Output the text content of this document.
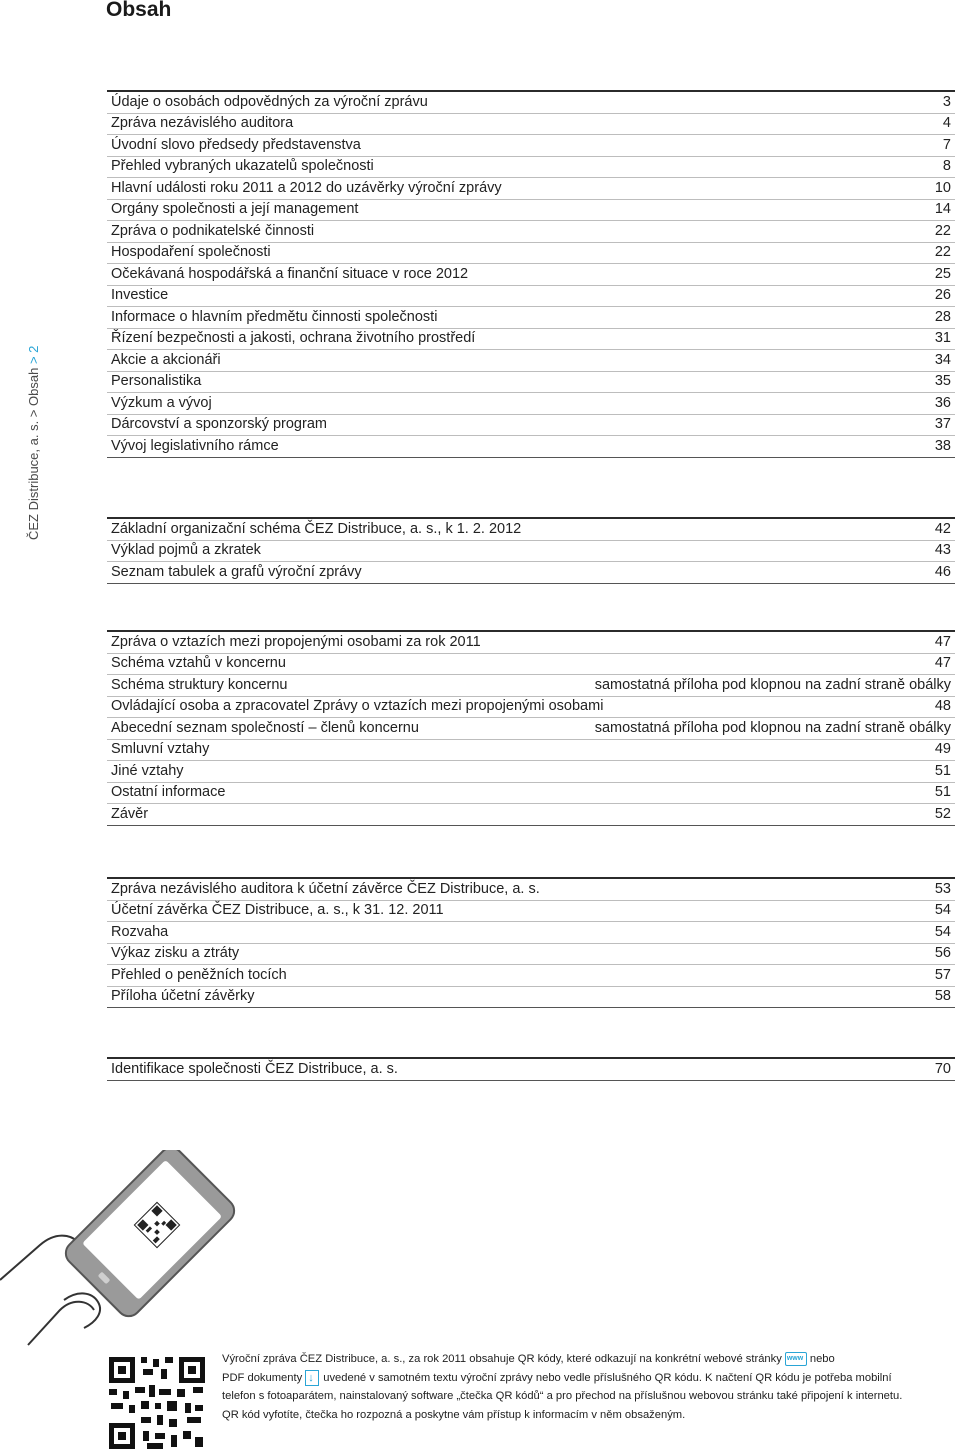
Obsah
ČEZ Distribuce, a. s. > Obsah > 2
Údaje o osobách odpovědných za výroční zprávu	3
Zpráva nezávislého auditora	4
Úvodní slovo předsedy představenstva	7
Přehled vybraných ukazatelů společnosti	8
Hlavní události roku 2011 a 2012 do uzávěrky výroční zprávy	10
Orgány společnosti a její management	14
Zpráva o podnikatelské činnosti	22
Hospodaření společnosti	22
Očekávaná hospodářská a finanční situace v roce 2012	25
Investice	26
Informace o hlavním předmětu činnosti společnosti	28
Řízení bezpečnosti a jakosti, ochrana životního prostředí	31
Akcie a akcionáři	34
Personalistika	35
Výzkum a vývoj	36
Dárcovství a sponzorský program	37
Vývoj legislativního rámce	38
Základní organizační schéma ČEZ Distribuce, a. s., k 1. 2. 2012	42
Výklad pojmů a zkratek	43
Seznam tabulek a grafů výroční zprávy	46
Zpráva o vztazích mezi propojenými osobami za rok 2011	47
Schéma vztahů v koncernu	47
Schéma struktury koncernu	samostatná příloha pod klopnou na zadní straně obálky
Ovládající osoba a zpracovatel Zprávy o vztazích mezi propojenými osobami	48
Abecední seznam společností – členů koncernu	samostatná příloha pod klopnou na zadní straně obálky
Smluvní vztahy	49
Jiné vztahy	51
Ostatní informace	51
Závěr	52
Zpráva nezávislého auditora k účetní závěrce ČEZ Distribuce, a. s.	53
Účetní závěrka ČEZ Distribuce, a. s., k 31. 12. 2011	54
Rozvaha	54
Výkaz zisku a ztráty	56
Přehled o peněžních tocích	57
Příloha účetní závěrky	58
Identifikace společnosti ČEZ Distribuce, a. s.	70
Výroční zpráva ČEZ Distribuce, a. s., za rok 2011 obsahuje QR kódy, které odkazují na konkrétní webové stránky www	nebo
PDF dokumenty ↓ uvedené v samotném textu výroční zprávy nebo vedle příslušného QR kódu. K načtení QR kódu je potřeba mobilní
telefon s fotoaparátem, nainstalovaný software „čtečka QR kódů“ a pro přechod na příslušnou webovou stránku také připojení k internetu.
QR kód vyfotíte, čtečka ho rozpozná a poskytne vám přístup k informacím v něm obsaženým.
